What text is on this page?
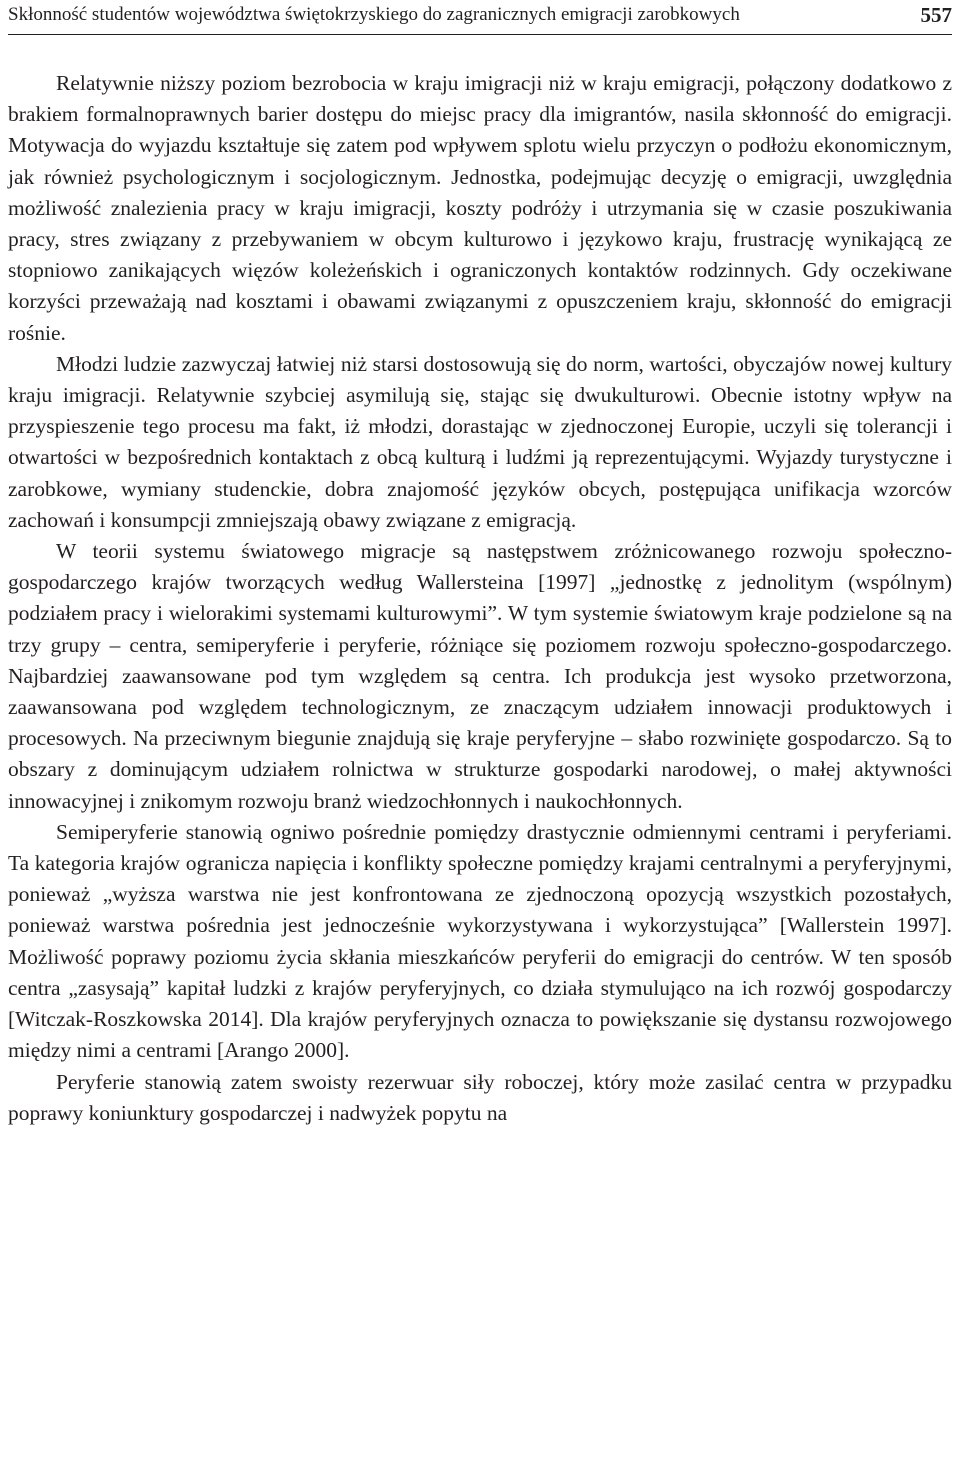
Skłonność studentów województwa świętokrzyskiego do zagranicznych emigracji zarobkowych	557

Relatywnie niższy poziom bezrobocia w kraju imigracji niż w kraju emigracji, połączony dodatkowo z brakiem formalnoprawnych barier dostępu do miejsc pracy dla imigrantów, nasila skłonność do emigracji. Motywacja do wyjazdu kształtuje się zatem pod wpływem splotu wielu przyczyn o podłożu ekonomicznym, jak również psychologicznym i socjologicznym. Jednostka, podejmując decyzję o emigracji, uwzględnia możliwość znalezienia pracy w kraju imigracji, koszty podróży i utrzymania się w czasie poszukiwania pracy, stres związany z przebywaniem w obcym kulturowo i językowo kraju, frustrację wynikającą ze stopniowo zanikających więzów koleżeńskich i ograniczonych kontaktów rodzinnych. Gdy oczekiwane korzyści przeważają nad kosztami i obawami związanymi z opuszczeniem kraju, skłonność do emigracji rośnie.

Młodzi ludzie zazwyczaj łatwiej niż starsi dostosowują się do norm, wartości, obyczajów nowej kultury kraju imigracji. Relatywnie szybciej asymilują się, stając się dwukulturowi. Obecnie istotny wpływ na przyspieszenie tego procesu ma fakt, iż młodzi, dorastając w zjednoczonej Europie, uczyli się tolerancji i otwartości w bezpośrednich kontaktach z obcą kulturą i ludźmi ją reprezentującymi. Wyjazdy turystyczne i zarobkowe, wymiany studenckie, dobra znajomość języków obcych, postępująca unifikacja wzorców zachowań i konsumpcji zmniejszają obawy związane z emigracją.

W teorii systemu światowego migracje są następstwem zróżnicowanego rozwoju społeczno-gospodarczego krajów tworzących według Wallersteina [1997] „jednostkę z jednolitym (wspólnym) podziałem pracy i wielorakimi systemami kulturowymi”. W tym systemie światowym kraje podzielone są na trzy grupy – centra, semiperyferie i peryferie, różniące się poziomem rozwoju społeczno-gospodarczego. Najbardziej zaawansowane pod tym względem są centra. Ich produkcja jest wysoko przetworzona, zaawansowana pod względem technologicznym, ze znaczącym udziałem innowacji produktowych i procesowych. Na przeciwnym biegunie znajdują się kraje peryferyjne – słabo rozwinięte gospodarczo. Są to obszary z dominującym udziałem rolnictwa w strukturze gospodarki narodowej, o małej aktywności innowacyjnej i znikomym rozwoju branż wiedzochłonnych i naukochłonnych.

Semiperyferie stanowią ogniwo pośrednie pomiędzy drastycznie odmiennymi centrami i peryferiami. Ta kategoria krajów ogranicza napięcia i konflikty społeczne pomiędzy krajami centralnymi a peryferyjnymi, ponieważ „wyższa warstwa nie jest konfrontowana ze zjednoczoną opozycją wszystkich pozostałych, ponieważ warstwa pośrednia jest jednocześnie wykorzystywana i wykorzystująca” [Wallerstein 1997]. Możliwość poprawy poziomu życia skłania mieszkańców peryferii do emigracji do centrów. W ten sposób centra „zasysają” kapitał ludzki z krajów peryferyjnych, co działa stymulująco na ich rozwój gospodarczy [Witczak-Roszkowska 2014]. Dla krajów peryferyjnych oznacza to powiększanie się dystansu rozwojowego między nimi a centrami [Arango 2000].

Peryferie stanowią zatem swoisty rezerwuar siły roboczej, który może zasilać centra w przypadku poprawy koniunktury gospodarczej i nadwyżek popytu na
